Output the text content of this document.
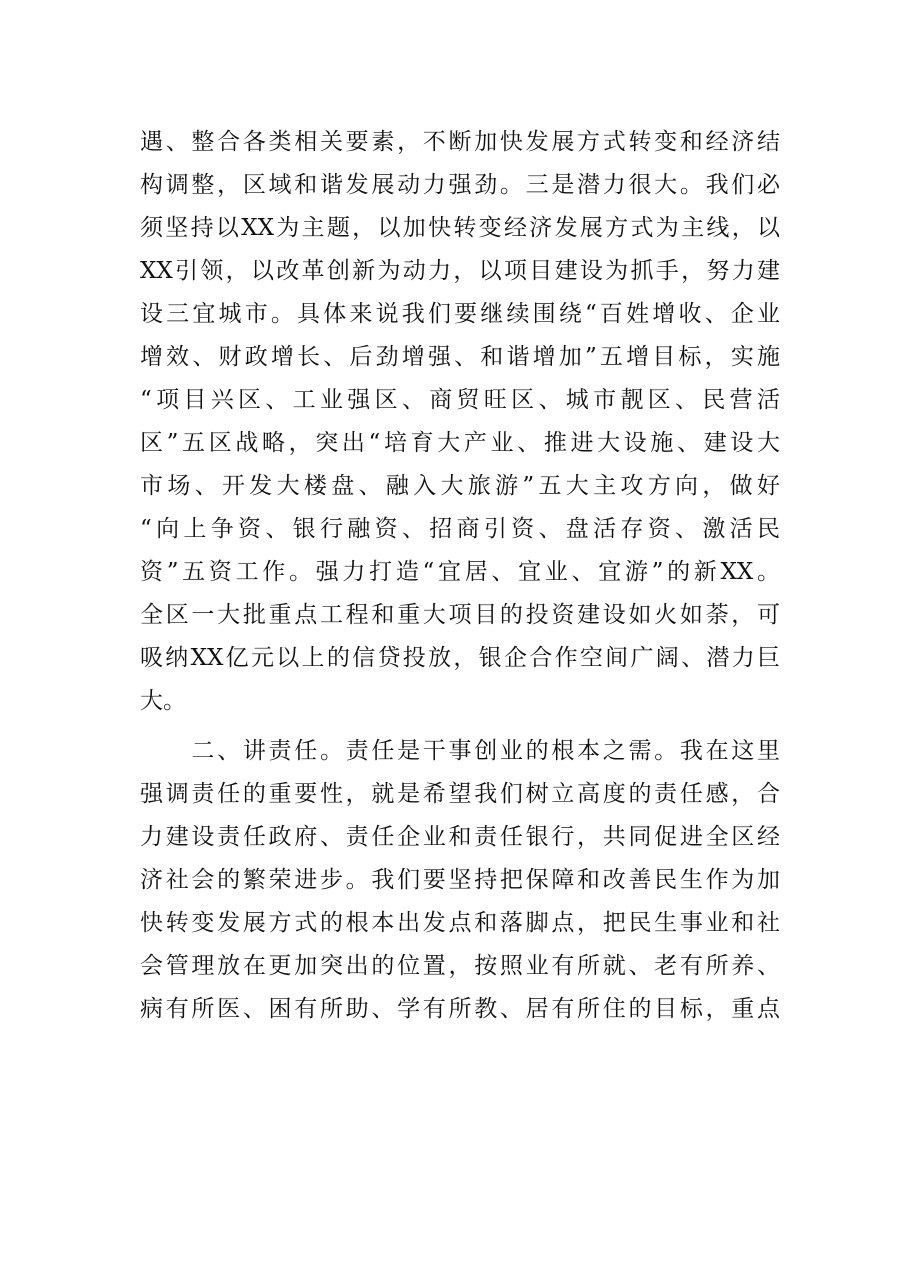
遇、整合各类相关要素，不断加快发展方式转变和经济结
构调整，区域和谐发展动力强劲。三是潜力很大。我们必
须坚持以XX为主题，以加快转变经济发展方式为主线，以
XX引领，以改革创新为动力，以项目建设为抓手，努力建
设三宜城市。具体来说我们要继续围绕“百姓增收、企业
增效、财政增长、后劲增强、和谐增加”五增目标，实施
“项目兴区、工业强区、商贸旺区、城市靓区、民营活
区”五区战略，突出“培育大产业、推进大设施、建设大
市场、开发大楼盘、融入大旅游”五大主攻方向，做好
“向上争资、银行融资、招商引资、盘活存资、激活民
资”五资工作。强力打造“宜居、宜业、宜游”的新XX。
全区一大批重点工程和重大项目的投资建设如火如荼，可
吸纳XX亿元以上的信贷投放，银企合作空间广阔、潜力巨
大。
　　二、讲责任。责任是干事创业的根本之需。我在这里
强调责任的重要性，就是希望我们树立高度的责任感，合
力建设责任政府、责任企业和责任银行，共同促进全区经
济社会的繁荣进步。我们要坚持把保障和改善民生作为加
快转变发展方式的根本出发点和落脚点，把民生事业和社
会管理放在更加突出的位置，按照业有所就、老有所养、
病有所医、困有所助、学有所教、居有所住的目标，重点
